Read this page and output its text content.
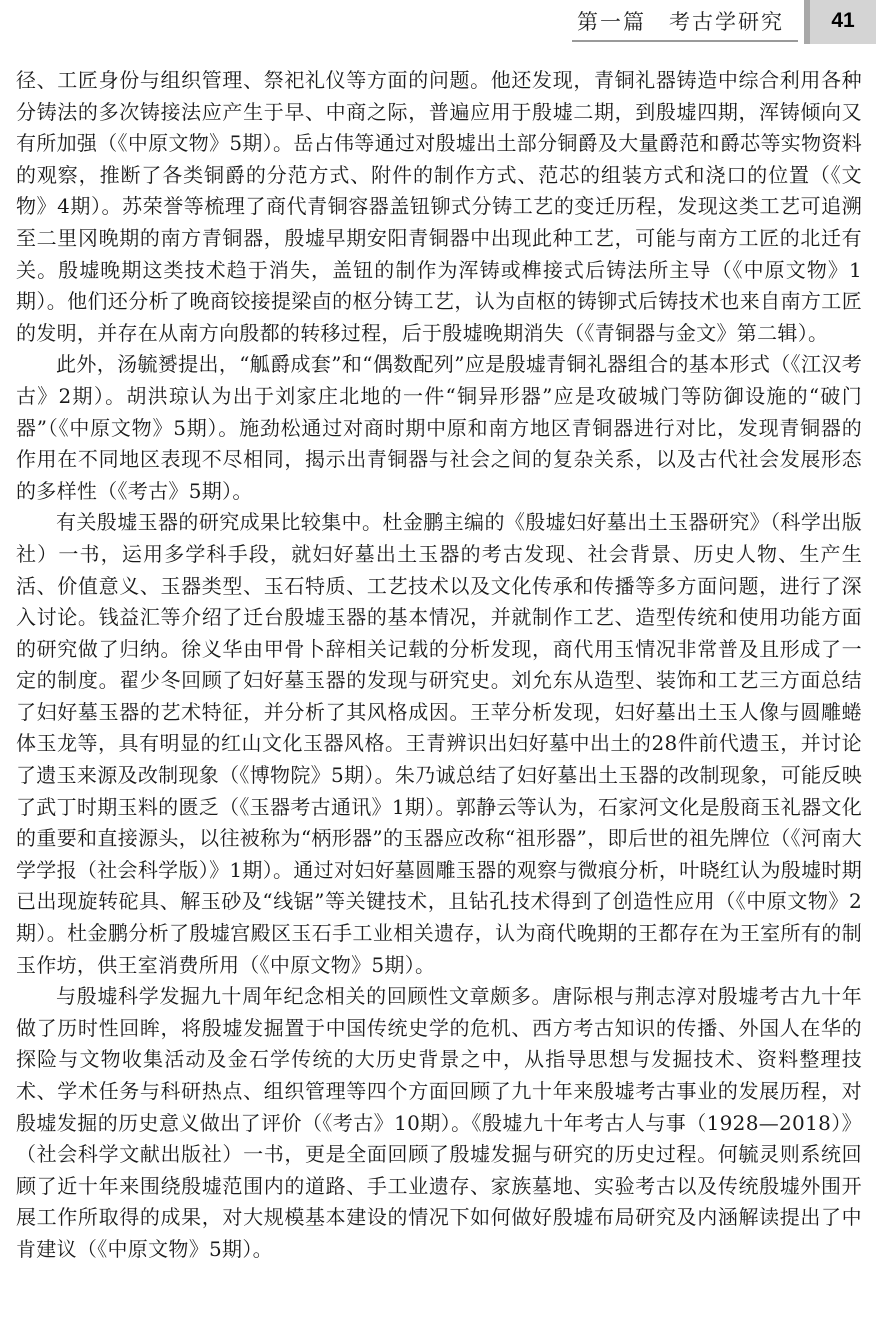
第一篇　考古学研究	41

径、工匠身份与组织管理、祭祀礼仪等方面的问题。他还发现，青铜礼器铸造中综合利用各种分铸法的多次铸接法应产生于早、中商之际，普遍应用于殷墟二期，到殷墟四期，浑铸倾向又有所加强（《中原文物》5期）。岳占伟等通过对殷墟出土部分铜爵及大量爵范和爵芯等实物资料的观察，推断了各类铜爵的分范方式、附件的制作方式、范芯的组装方式和浇口的位置（《文物》4期）。苏荣誉等梳理了商代青铜容器盖钮铆式分铸工艺的变迁历程，发现这类工艺可追溯至二里冈晚期的南方青铜器，殷墟早期安阳青铜器中出现此种工艺，可能与南方工匠的北迁有关。殷墟晚期这类技术趋于消失，盖钮的制作为浑铸或榫接式后铸法所主导（《中原文物》1期）。他们还分析了晚商铰接提梁卣的枢分铸工艺，认为卣枢的铸铆式后铸技术也来自南方工匠的发明，并存在从南方向殷都的转移过程，后于殷墟晚期消失（《青铜器与金文》第二辑）。

此外，汤毓赟提出，“觚爵成套”和“偶数配列”应是殷墟青铜礼器组合的基本形式（《江汉考古》2期）。胡洪琼认为出于刘家庄北地的一件“铜异形器”应是攻破城门等防御设施的“破门器”（《中原文物》5期）。施劲松通过对商时期中原和南方地区青铜器进行对比，发现青铜器的作用在不同地区表现不尽相同，揭示出青铜器与社会之间的复杂关系，以及古代社会发展形态的多样性（《考古》5期）。

有关殷墟玉器的研究成果比较集中。杜金鹏主编的《殷墟妇好墓出土玉器研究》（科学出版社）一书，运用多学科手段，就妇好墓出土玉器的考古发现、社会背景、历史人物、生产生活、价值意义、玉器类型、玉石特质、工艺技术以及文化传承和传播等多方面问题，进行了深入讨论。钱益汇等介绍了迁台殷墟玉器的基本情况，并就制作工艺、造型传统和使用功能方面的研究做了归纳。徐义华由甲骨卜辞相关记载的分析发现，商代用玉情况非常普及且形成了一定的制度。翟少冬回顾了妇好墓玉器的发现与研究史。刘允东从造型、装饰和工艺三方面总结了妇好墓玉器的艺术特征，并分析了其风格成因。王苹分析发现，妇好墓出土玉人像与圆雕蜷体玉龙等，具有明显的红山文化玉器风格。王青辨识出妇好墓中出土的28件前代遗玉，并讨论了遗玉来源及改制现象（《博物院》5期）。朱乃诚总结了妇好墓出土玉器的改制现象，可能反映了武丁时期玉料的匮乏（《玉器考古通讯》1期）。郭静云等认为，石家河文化是殷商玉礼器文化的重要和直接源头，以往被称为“柄形器”的玉器应改称“祖形器”，即后世的祖先牌位（《河南大学学报（社会科学版）》1期）。通过对妇好墓圆雕玉器的观察与微痕分析，叶晓红认为殷墟时期已出现旋转砣具、解玉砂及“线锯”等关键技术，且钻孔技术得到了创造性应用（《中原文物》2期）。杜金鹏分析了殷墟宫殿区玉石手工业相关遗存，认为商代晚期的王都存在为王室所有的制玉作坊，供王室消费所用（《中原文物》5期）。

与殷墟科学发掘九十周年纪念相关的回顾性文章颇多。唐际根与荆志淳对殷墟考古九十年做了历时性回眸，将殷墟发掘置于中国传统史学的危机、西方考古知识的传播、外国人在华的探险与文物收集活动及金石学传统的大历史背景之中，从指导思想与发掘技术、资料整理技术、学术任务与科研热点、组织管理等四个方面回顾了九十年来殷墟考古事业的发展历程，对殷墟发掘的历史意义做出了评价（《考古》10期）。《殷墟九十年考古人与事（1928—2018）》（社会科学文献出版社）一书，更是全面回顾了殷墟发掘与研究的历史过程。何毓灵则系统回顾了近十年来围绕殷墟范围内的道路、手工业遗存、家族墓地、实验考古以及传统殷墟外围开展工作所取得的成果，对大规模基本建设的情况下如何做好殷墟布局研究及内涵解读提出了中肯建议（《中原文物》5期）。
